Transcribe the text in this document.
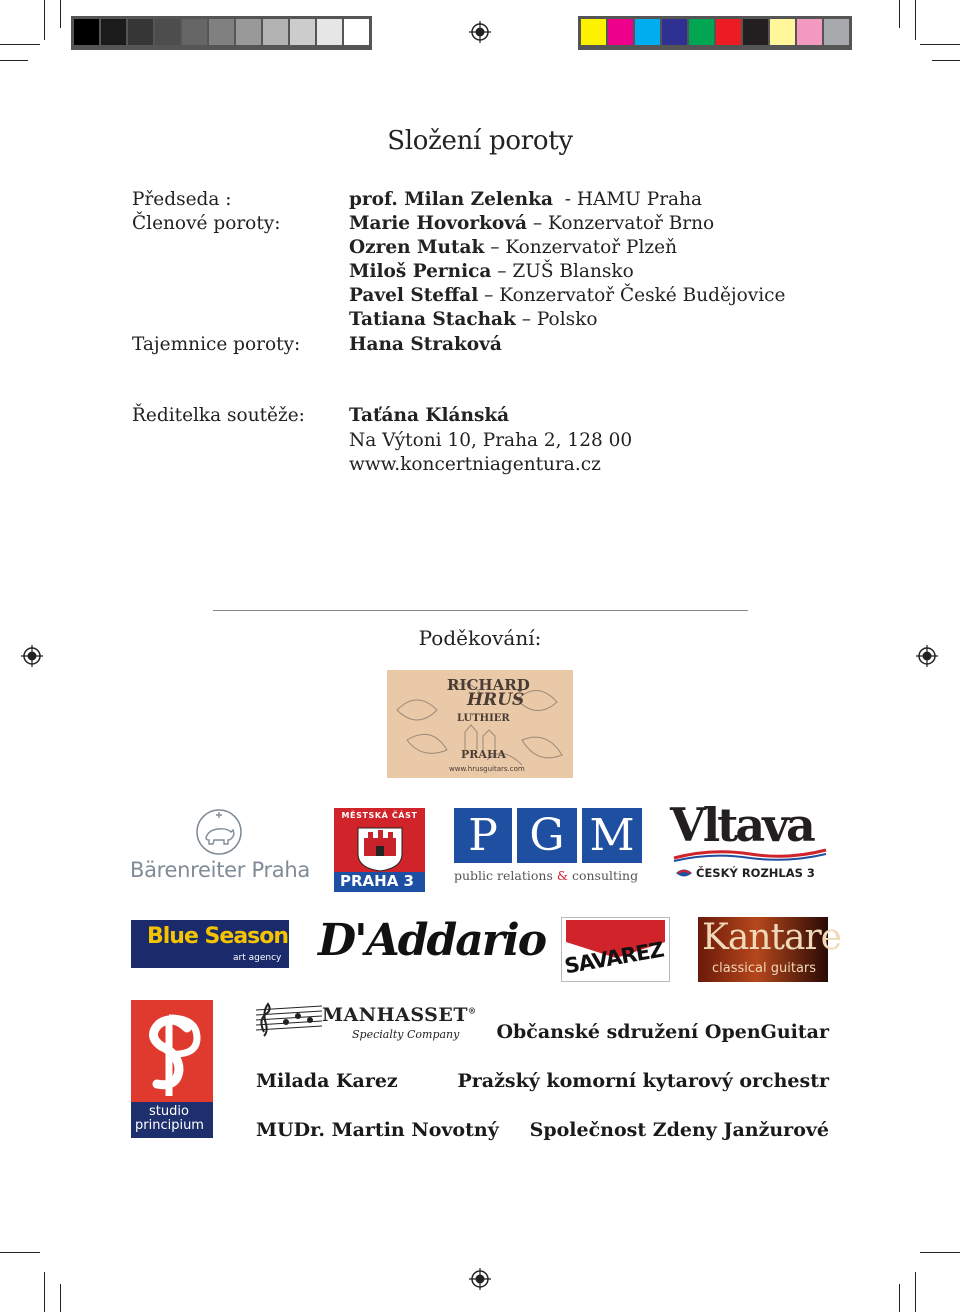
Složení poroty
Předseda :
Členové poroty:
Tajemnice poroty:
Ředitelka soutěže:
prof. Milan Zelenka  - HAMU Praha
Marie Hovorková – Konzervatoř Brno
Ozren Mutak – Konzervatoř Plzeň
Miloš Pernica – ZUŠ Blansko
Pavel Steffal – Konzervatoř České Budějovice
Tatiana Stachak – Polsko
Hana Straková
Taťána Klánská
Na Výtoni 10, Praha 2, 128 00
www.koncertniagentura.cz
Poděkování:
RICHARD
HRUŠ
LUTHIER
PRAHA
www.hrusguitars.com
Bärenreiter Praha
MĚSTSKÁ ČÁST
PRAHA 3
P G M
public relations & consulting
Vltava
ČESKÝ ROZHLAS 3
Blue Season
art agency D'Addario SAVAREZ Kantare
classical guitars
studio
principium
MANHASSET®
Specialty Company
Milada Karez
MUDr. Martin Novotný
Občanské sdružení OpenGuitar
Pražský komorní kytarový orchestr
Společnost Zdeny Janžurové
